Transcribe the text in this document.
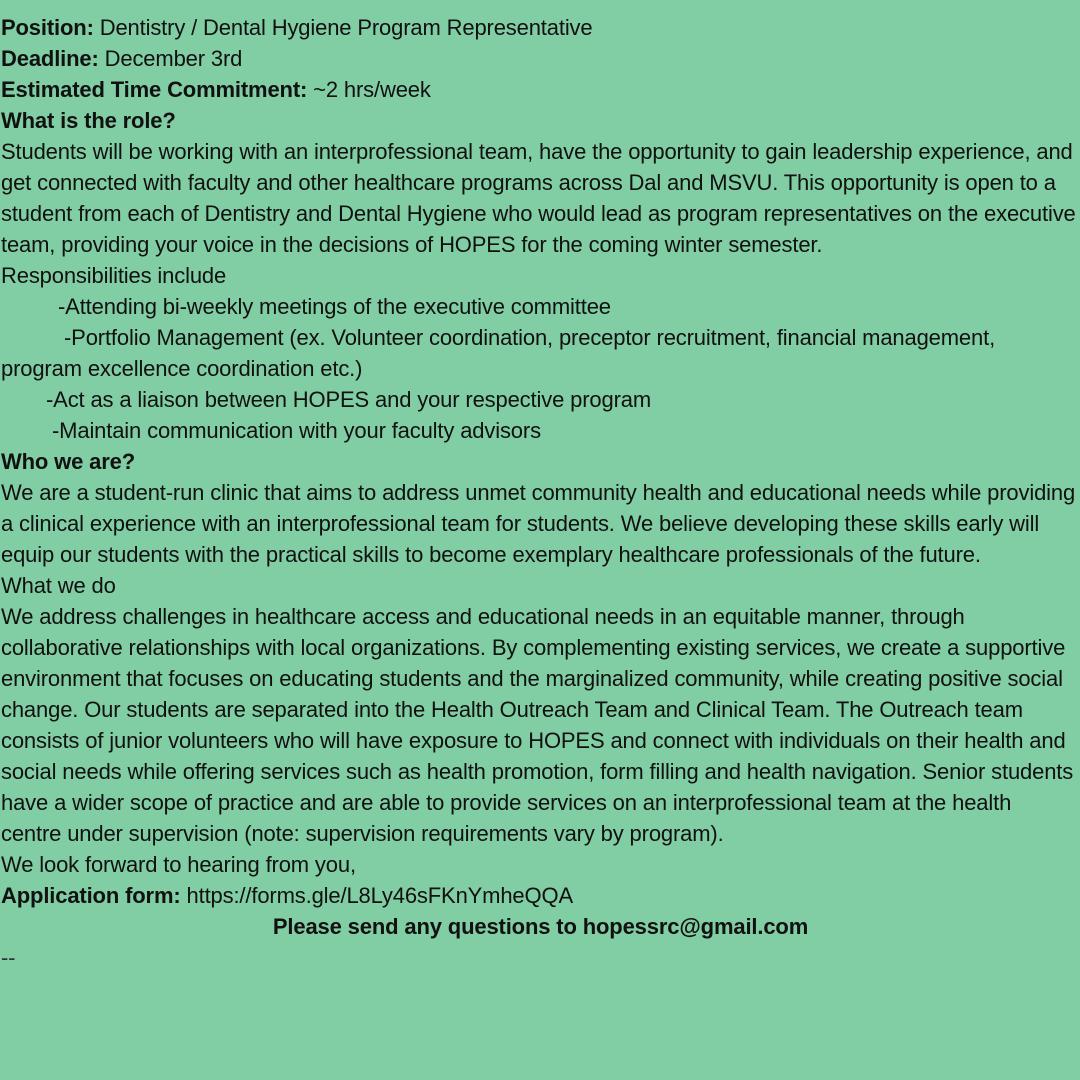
Position: Dentistry / Dental Hygiene Program Representative
Deadline: December 3rd
Estimated Time Commitment: ~2 hrs/week
What is the role?
Students will be working with an interprofessional team, have the opportunity to gain leadership experience, and get connected with faculty and other healthcare programs across Dal and MSVU. This opportunity is open to a student from each of Dentistry and Dental Hygiene who would lead as program representatives on the executive team, providing your voice in the decisions of HOPES for the coming winter semester.
Responsibilities include
-Attending bi-weekly meetings of the executive committee
-Portfolio Management (ex. Volunteer coordination, preceptor recruitment, financial management,
program excellence coordination etc.)
-Act as a liaison between HOPES and your respective program
-Maintain communication with your faculty advisors
Who we are?
We are a student-run clinic that aims to address unmet community health and educational needs while providing a clinical experience with an interprofessional team for students. We believe developing these skills early will equip our students with the practical skills to become exemplary healthcare professionals of the future.
What we do
We address challenges in healthcare access and educational needs in an equitable manner, through collaborative relationships with local organizations. By complementing existing services, we create a supportive environment that focuses on educating students and the marginalized community, while creating positive social change. Our students are separated into the Health Outreach Team and Clinical Team. The Outreach team consists of junior volunteers who will have exposure to HOPES and connect with individuals on their health and social needs while offering services such as health promotion, form filling and health navigation. Senior students have a wider scope of practice and are able to provide services on an interprofessional team at the health centre under supervision (note: supervision requirements vary by program).
We look forward to hearing from you,
Application form: https://forms.gle/L8Ly46sFKnYmheQQA
Please send any questions to hopessrc@gmail.com
--
